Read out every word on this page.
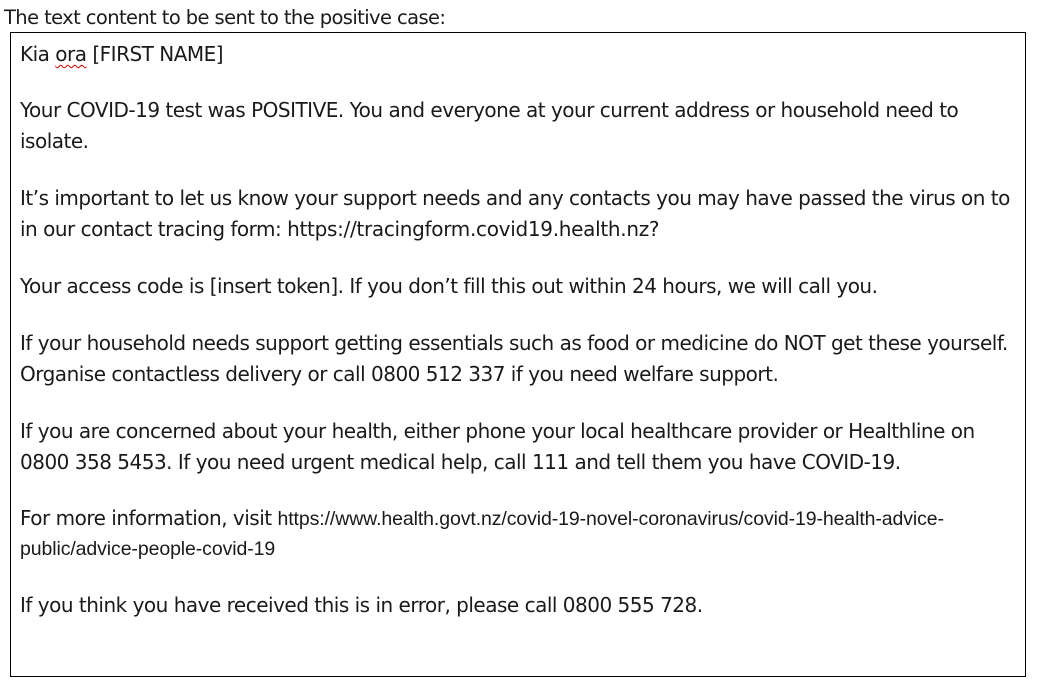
The text content to be sent to the positive case:

Kia ora [FIRST NAME]

Your COVID-19 test was POSITIVE. You and everyone at your current address or household need to isolate.

It’s important to let us know your support needs and any contacts you may have passed the virus on to in our contact tracing form: https://tracingform.covid19.health.nz?

Your access code is [insert token]. If you don’t fill this out within 24 hours, we will call you.

If your household needs support getting essentials such as food or medicine do NOT get these yourself. Organise contactless delivery or call 0800 512 337 if you need welfare support.

If you are concerned about your health, either phone your local healthcare provider or Healthline on 0800 358 5453. If you need urgent medical help, call 111 and tell them you have COVID-19.

For more information, visit https://www.health.govt.nz/covid-19-novel-coronavirus/covid-19-health-advice-public/advice-people-covid-19

If you think you have received this is in error, please call 0800 555 728.
